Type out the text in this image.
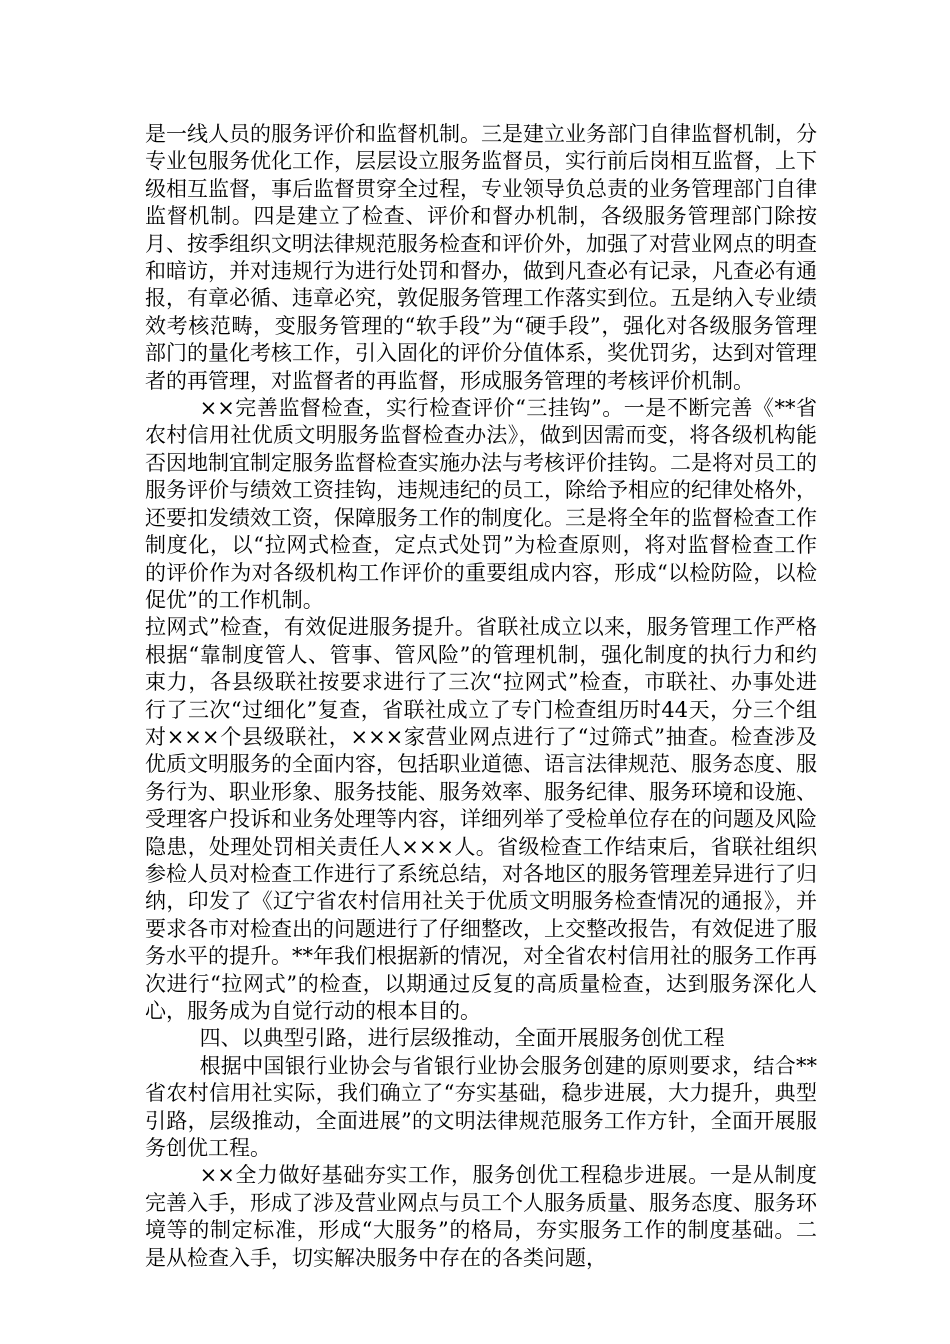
是一线人员的服务评价和监督机制。三是建立业务部门自律监督机制，分专业包服务优化工作，层层设立服务监督员，实行前后岗相互监督，上下级相互监督，事后监督贯穿全过程，专业领导负总责的业务管理部门自律监督机制。四是建立了检查、评价和督办机制，各级服务管理部门除按月、按季组织文明法律规范服务检查和评价外，加强了对营业网点的明查和暗访，并对违规行为进行处罚和督办，做到凡查必有记录，凡查必有通报，有章必循、违章必究，敦促服务管理工作落实到位。五是纳入专业绩效考核范畴，变服务管理的“软手段”为“硬手段”，强化对各级服务管理部门的量化考核工作，引入固化的评价分值体系，奖优罚劣，达到对管理者的再管理，对监督者的再监督，形成服务管理的考核评价机制。

××完善监督检查，实行检查评价“三挂钩”。一是不断完善《**省农村信用社优质文明服务监督检查办法》，做到因需而变，将各级机构能否因地制宜制定服务监督检查实施办法与考核评价挂钩。二是将对员工的服务评价与绩效工资挂钩，违规违纪的员工，除给予相应的纪律处格外，还要扣发绩效工资，保障服务工作的制度化。三是将全年的监督检查工作制度化，以“拉网式检查，定点式处罚”为检查原则，将对监督检查工作的评价作为对各级机构工作评价的重要组成内容，形成“以检防险，以检促优”的工作机制。

拉网式”检查，有效促进服务提升。省联社成立以来，服务管理工作严格根据“靠制度管人、管事、管风险”的管理机制，强化制度的执行力和约束力，各县级联社按要求进行了三次“拉网式”检查，市联社、办事处进行了三次“过细化”复查，省联社成立了专门检查组历时44天，分三个组对×××个县级联社，×××家营业网点进行了“过筛式”抽查。检查涉及优质文明服务的全面内容，包括职业道德、语言法律规范、服务态度、服务行为、职业形象、服务技能、服务效率、服务纪律、服务环境和设施、受理客户投诉和业务处理等内容，详细列举了受检单位存在的问题及风险隐患，处理处罚相关责任人×××人。省级检查工作结束后，省联社组织参检人员对检查工作进行了系统总结，对各地区的服务管理差异进行了归纳，印发了《辽宁省农村信用社关于优质文明服务检查情况的通报》，并要求各市对检查出的问题进行了仔细整改，上交整改报告，有效促进了服务水平的提升。**年我们根据新的情况，对全省农村信用社的服务工作再次进行“拉网式”的检查，以期通过反复的高质量检查，达到服务深化人心，服务成为自觉行动的根本目的。

四、以典型引路，进行层级推动，全面开展服务创优工程

根据中国银行业协会与省银行业协会服务创建的原则要求，结合**省农村信用社实际，我们确立了“夯实基础，稳步进展，大力提升，典型引路，层级推动，全面进展”的文明法律规范服务工作方针，全面开展服务创优工程。

××全力做好基础夯实工作，服务创优工程稳步进展。一是从制度完善入手，形成了涉及营业网点与员工个人服务质量、服务态度、服务环境等的制定标准，形成“大服务”的格局，夯实服务工作的制度基础。二是从检查入手，切实解决服务中存在的各类问题，
